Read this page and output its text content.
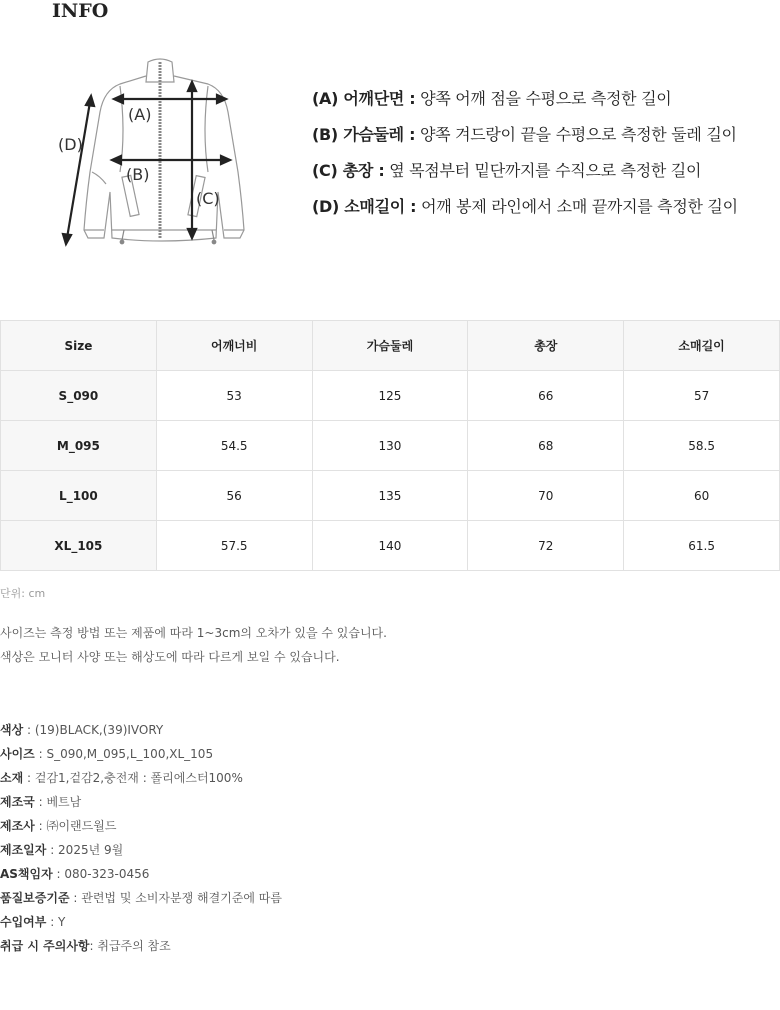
INFO
(A)
(B)
(C)
(D)
(A) 어깨단면 : 양쪽 어깨 점을 수평으로 측정한 길이
(B) 가슴둘레 : 양쪽 겨드랑이 끝을 수평으로 측정한 둘레 길이
(C) 총장 : 옆 목점부터 밑단까지를 수직으로 측정한 길이
(D) 소매길이 : 어깨 봉제 라인에서 소매 끝까지를 측정한 길이
Size	어깨너비	가슴둘레	총장	소매길이
S_090	53	125	66	57
M_095	54.5	130	68	58.5
L_100	56	135	70	60
XL_105	57.5	140	72	61.5
단위: cm
사이즈는 측정 방법 또는 제품에 따라 1~3cm의 오차가 있을 수 있습니다.
색상은 모니터 사양 또는 해상도에 따라 다르게 보일 수 있습니다.
색상 : (19)BLACK,(39)IVORY
사이즈 : S_090,M_095,L_100,XL_105
소재 : 겉감1,겉감2,충전재 : 폴리에스터100%
제조국 : 베트남
제조사 : ㈜이랜드월드
제조일자 : 2025년 9월
AS책임자 : 080-323-0456
품질보증기준 : 관련법 및 소비자분쟁 해결기준에 따름
수입여부 : Y
취급 시 주의사항: 취급주의 참조
